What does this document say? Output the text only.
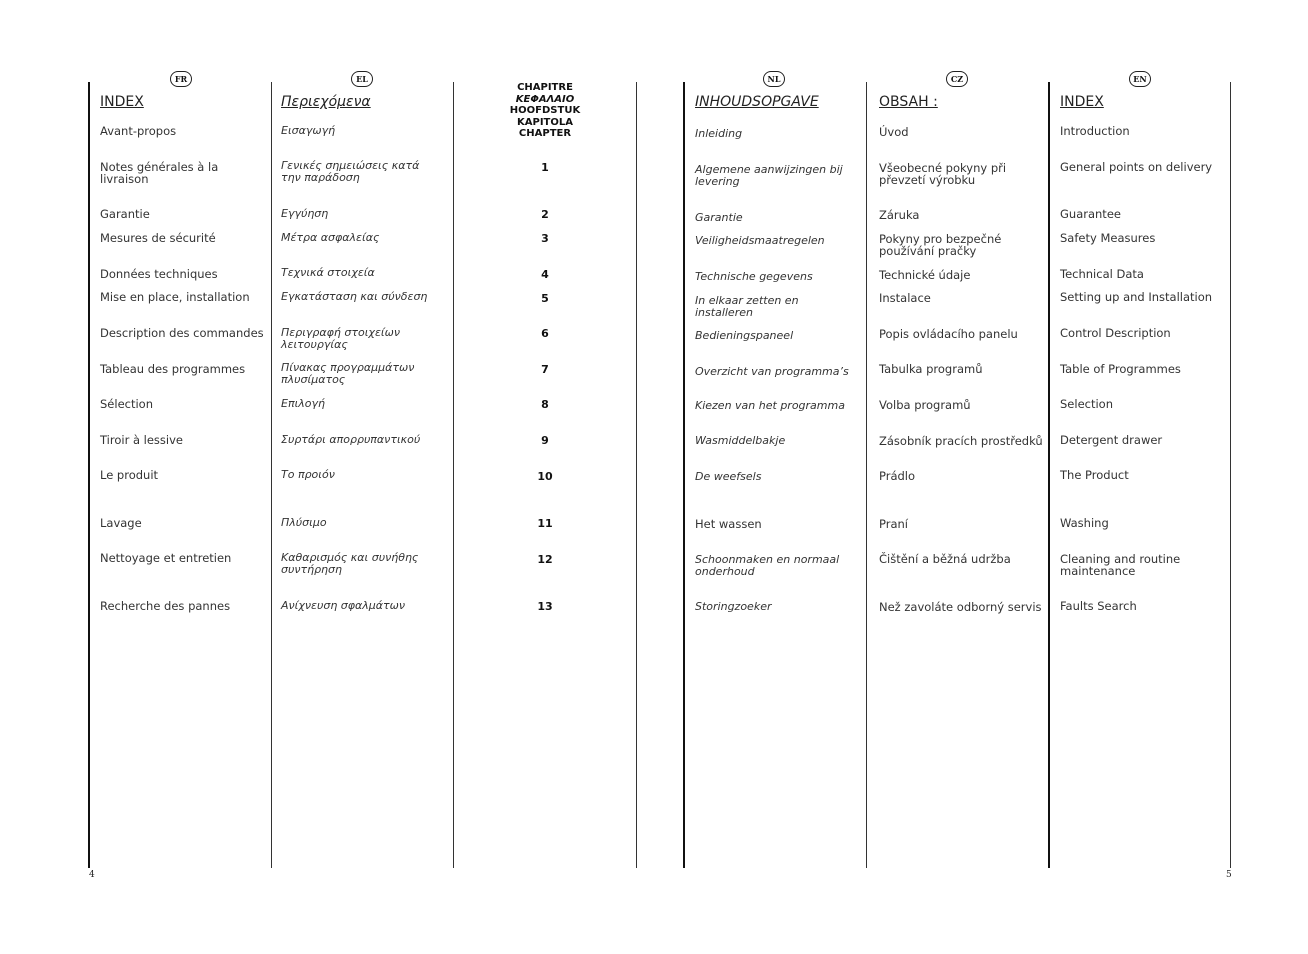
FR
INDEX
Avant-propos
Notes générales à la livraison
Garantie
Mesures de sécurité
Données techniques
Mise en place, installation
Description des commandes
Tableau des programmes
Sélection
Tiroir à lessive
Le produit
Lavage
Nettoyage et entretien
Recherche des pannes
EL
Περιεχόμενα
Εισαγωγή
Γενικές σημειώσεις κατά την παράδοση
Εγγύηση
Μέτρα ασφαλείας
Τεχνικά στοιχεία
Εγκατάσταση και σύνδεση
Περιγραφή στοιχείων λειτουργίας
Πίνακας προγραμμάτων πλυσίματος
Επιλογή
Συρτάρι απορρυπαντικού
Το προιόν
Πλύσιμο
Καθαρισμός και συνήθης συντήρηση
Ανίχνευση σφαλμάτων
CHAPITRE
ΚΕΦΑΛΑΙΟ
HOOFDSTUK
KAPITOLA
CHAPTER
1
2
3
4
5
6
7
8
9
10
11
12
13
NL
INHOUDSOPGAVE
Inleiding
Algemene aanwijzingen bij levering
Garantie
Veiligheidsmaatregelen
Technische gegevens
In elkaar zetten en installeren
Bedieningspaneel
Overzicht van programma’s
Kiezen van het programma
Wasmiddelbakje
De weefsels
Het wassen
Schoonmaken en normaal onderhoud
Storingzoeker
CZ
OBSAH :
Úvod
Všeobecné pokyny při převzetí výrobku
Záruka
Pokyny pro bezpečné používání pračky
Technické údaje
Instalace
Popis ovládacího panelu
Tabulka programů
Volba programů
Zásobník pracích prostředků
Prádlo
Praní
Čištění a běžná udržba
Než zavoláte odborný servis
EN
INDEX
Introduction
General points on delivery
Guarantee
Safety Measures
Technical Data
Setting up and Installation
Control Description
Table of Programmes
Selection
Detergent drawer
The Product
Washing
Cleaning and routine maintenance
Faults Search
4	5
